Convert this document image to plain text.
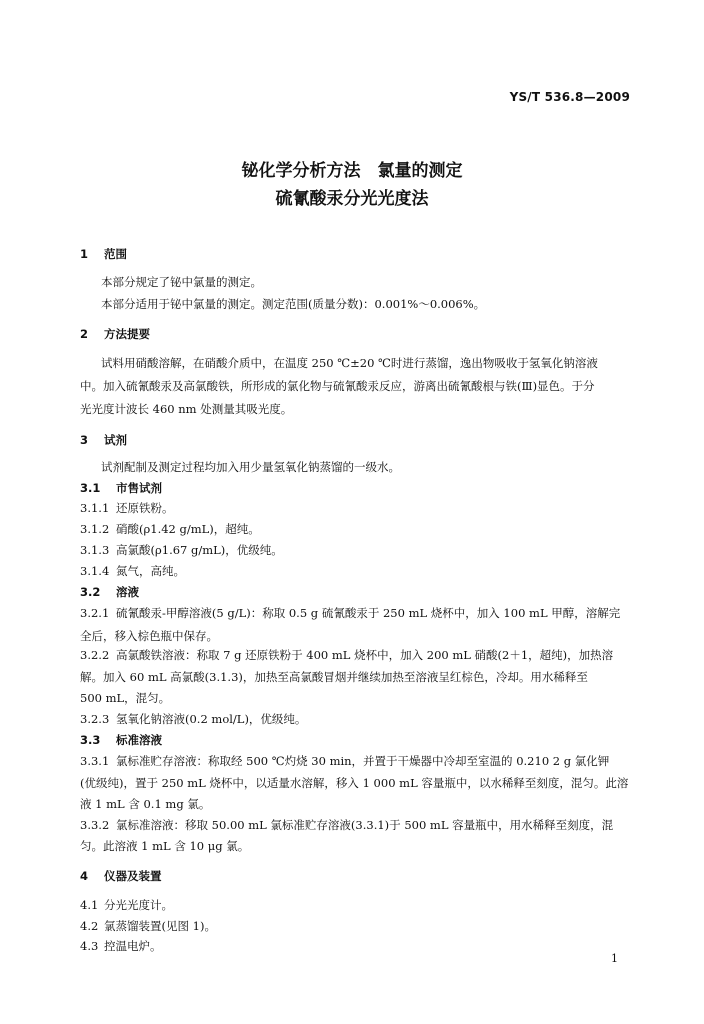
YS/T 536.8—2009
铋化学分析方法　氯量的测定
硫氰酸汞分光光度法
1 范围
本部分规定了铋中氯量的测定。
本部分适用于铋中氯量的测定。测定范围(质量分数)：0.001%～0.006%。
2 方法提要
试料用硝酸溶解，在硝酸介质中，在温度 250 ℃±20 ℃时进行蒸馏，逸出物吸收于氢氧化钠溶液
中。加入硫氰酸汞及高氯酸铁，所形成的氯化物与硫氰酸汞反应，游离出硫氰酸根与铁(Ⅲ)显色。于分
光光度计波长 460 nm 处测量其吸光度。
3 试剂
试剂配制及测定过程均加入用少量氢氧化钠蒸馏的一级水。
3.1 市售试剂
3.1.1 还原铁粉。
3.1.2 硝酸(ρ1.42 g/mL)，超纯。
3.1.3 高氯酸(ρ1.67 g/mL)，优级纯。
3.1.4 氮气，高纯。
3.2 溶液
3.2.1 硫氰酸汞-甲醇溶液(5 g/L)：称取 0.5 g 硫氰酸汞于 250 mL 烧杯中，加入 100 mL 甲醇，溶解完
全后，移入棕色瓶中保存。
3.2.2 高氯酸铁溶液：称取 7 g 还原铁粉于 400 mL 烧杯中，加入 200 mL 硝酸(2＋1，超纯)，加热溶
解。加入 60 mL 高氯酸(3.1.3)，加热至高氯酸冒烟并继续加热至溶液呈红棕色，冷却。用水稀释至
500 mL，混匀。
3.2.3 氢氧化钠溶液(0.2 mol/L)，优级纯。
3.3 标准溶液
3.3.1 氯标准贮存溶液：称取经 500 ℃灼烧 30 min，并置于干燥器中冷却至室温的 0.210 2 g 氯化钾
(优级纯)，置于 250 mL 烧杯中，以适量水溶解，移入 1 000 mL 容量瓶中，以水稀释至刻度，混匀。此溶
液 1 mL 含 0.1 mg 氯。
3.3.2 氯标准溶液：移取 50.00 mL 氯标准贮存溶液(3.3.1)于 500 mL 容量瓶中，用水稀释至刻度，混
匀。此溶液 1 mL 含 10 μg 氯。
4 仪器及装置
4.1 分光光度计。
4.2 氯蒸馏装置(见图 1)。
4.3 控温电炉。
1
